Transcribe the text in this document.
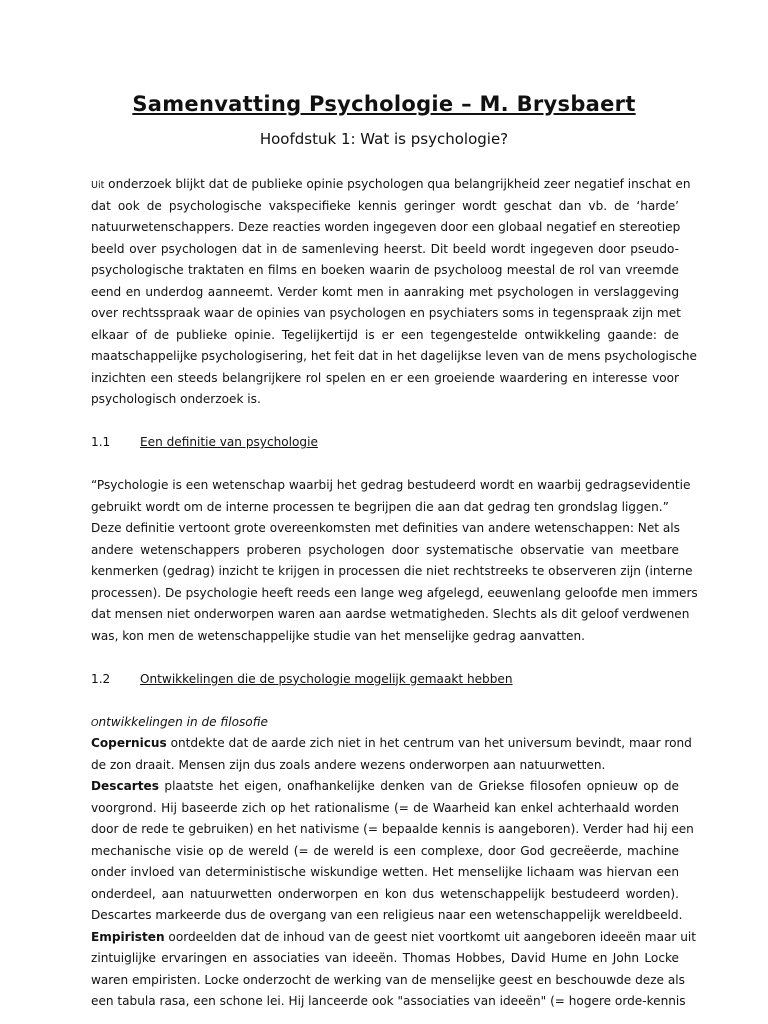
Samenvatting Psychologie – M. Brysbaert
Hoofdstuk 1: Wat is psychologie?
Uit onderzoek blijkt dat de publieke opinie psychologen qua belangrijkheid zeer negatief inschat en
dat ook de psychologische vakspecifieke kennis geringer wordt geschat dan vb. de ‘harde’
natuurwetenschappers. Deze reacties worden ingegeven door een globaal negatief en stereotiep
beeld over psychologen dat in de samenleving heerst. Dit beeld wordt ingegeven door pseudo-
psychologische traktaten en films en boeken waarin de psycholoog meestal de rol van vreemde
eend en underdog aanneemt. Verder komt men in aanraking met psychologen in verslaggeving
over rechtsspraak waar de opinies van psychologen en psychiaters soms in tegenspraak zijn met
elkaar of de publieke opinie. Tegelijkertijd is er een tegengestelde ontwikkeling gaande: de
maatschappelijke psychologisering, het feit dat in het dagelijkse leven van de mens psychologische
inzichten een steeds belangrijkere rol spelen en er een groeiende waardering en interesse voor
psychologisch onderzoek is.
1.1 Een definitie van psychologie
“Psychologie is een wetenschap waarbij het gedrag bestudeerd wordt en waarbij gedragsevidentie
gebruikt wordt om de interne processen te begrijpen die aan dat gedrag ten grondslag liggen.”
Deze definitie vertoont grote overeenkomsten met definities van andere wetenschappen: Net als
andere wetenschappers proberen psychologen door systematische observatie van meetbare
kenmerken (gedrag) inzicht te krijgen in processen die niet rechtstreeks te observeren zijn (interne
processen). De psychologie heeft reeds een lange weg afgelegd, eeuwenlang geloofde men immers
dat mensen niet onderworpen waren aan aardse wetmatigheden. Slechts als dit geloof verdwenen
was, kon men de wetenschappelijke studie van het menselijke gedrag aanvatten.
1.2 Ontwikkelingen die de psychologie mogelijk gemaakt hebben
Ontwikkelingen in de filosofie
Copernicus ontdekte dat de aarde zich niet in het centrum van het universum bevindt, maar rond
de zon draait. Mensen zijn dus zoals andere wezens onderworpen aan natuurwetten.
Descartes plaatste het eigen, onafhankelijke denken van de Griekse filosofen opnieuw op de
voorgrond. Hij baseerde zich op het rationalisme (= de Waarheid kan enkel achterhaald worden
door de rede te gebruiken) en het nativisme (= bepaalde kennis is aangeboren). Verder had hij een
mechanische visie op de wereld (= de wereld is een complexe, door God gecreëerde, machine
onder invloed van deterministische wiskundige wetten. Het menselijke lichaam was hiervan een
onderdeel, aan natuurwetten onderworpen en kon dus wetenschappelijk bestudeerd worden).
Descartes markeerde dus de overgang van een religieus naar een wetenschappelijk wereldbeeld.
Empiristen oordeelden dat de inhoud van de geest niet voortkomt uit aangeboren ideeën maar uit
zintuiglijke ervaringen en associaties van ideeën. Thomas Hobbes, David Hume en John Locke
waren empiristen. Locke onderzocht de werking van de menselijke geest en beschouwde deze als
een tabula rasa, een schone lei. Hij lanceerde ook "associaties van ideeën" (= hogere orde-kennis
